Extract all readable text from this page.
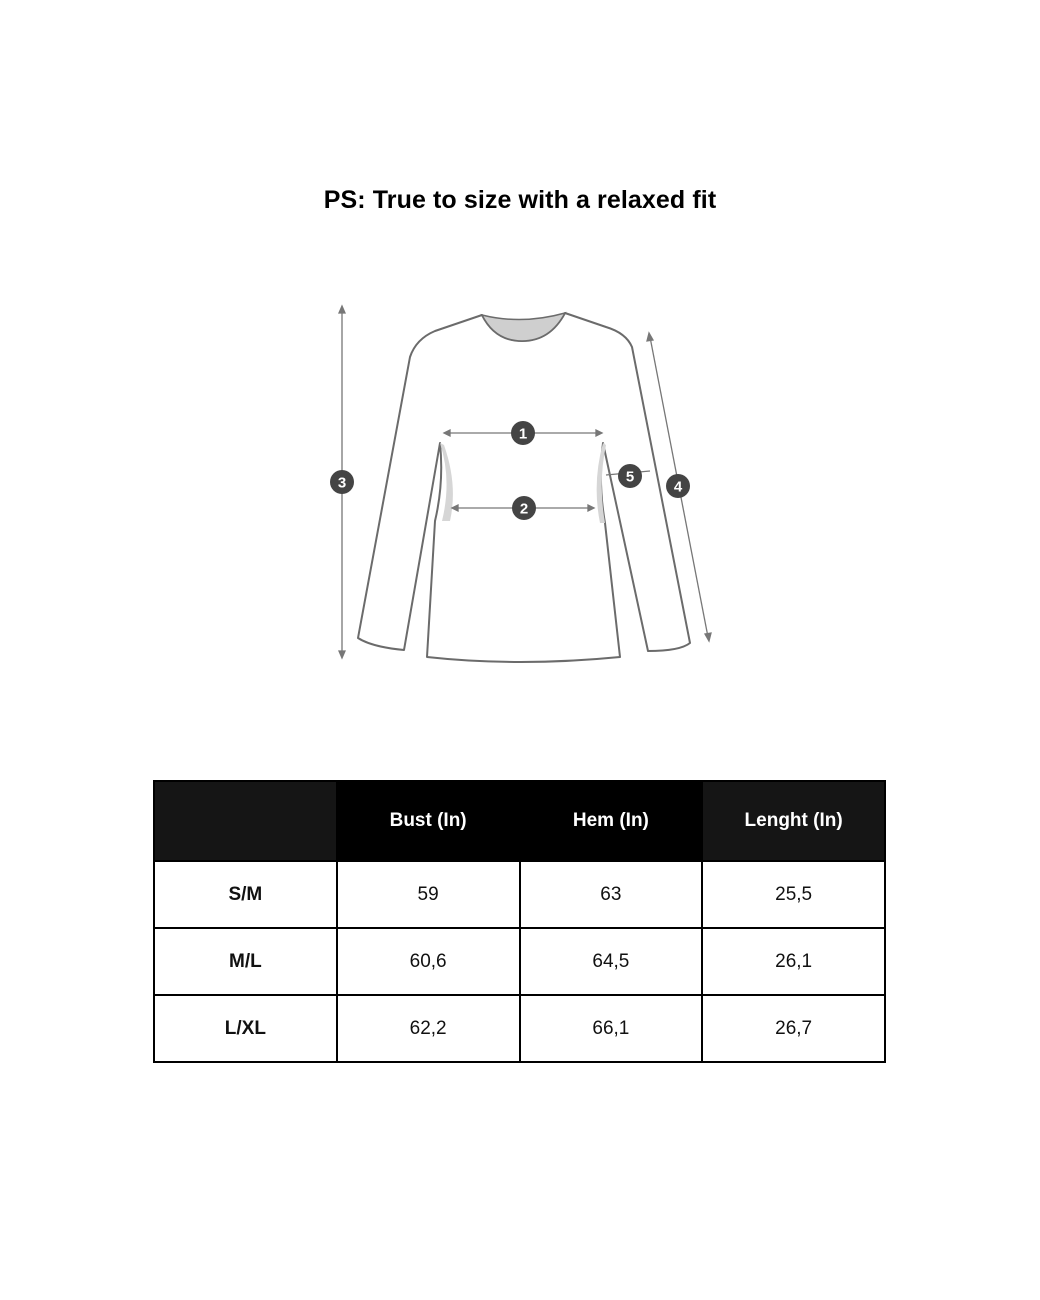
PS: True to size with a relaxed fit
1
2
3	4
5
	Bust (In)	Hem (In)	Lenght (In)
S/M	59	63	25,5
M/L	60,6	64,5	26,1
L/XL	62,2	66,1	26,7
